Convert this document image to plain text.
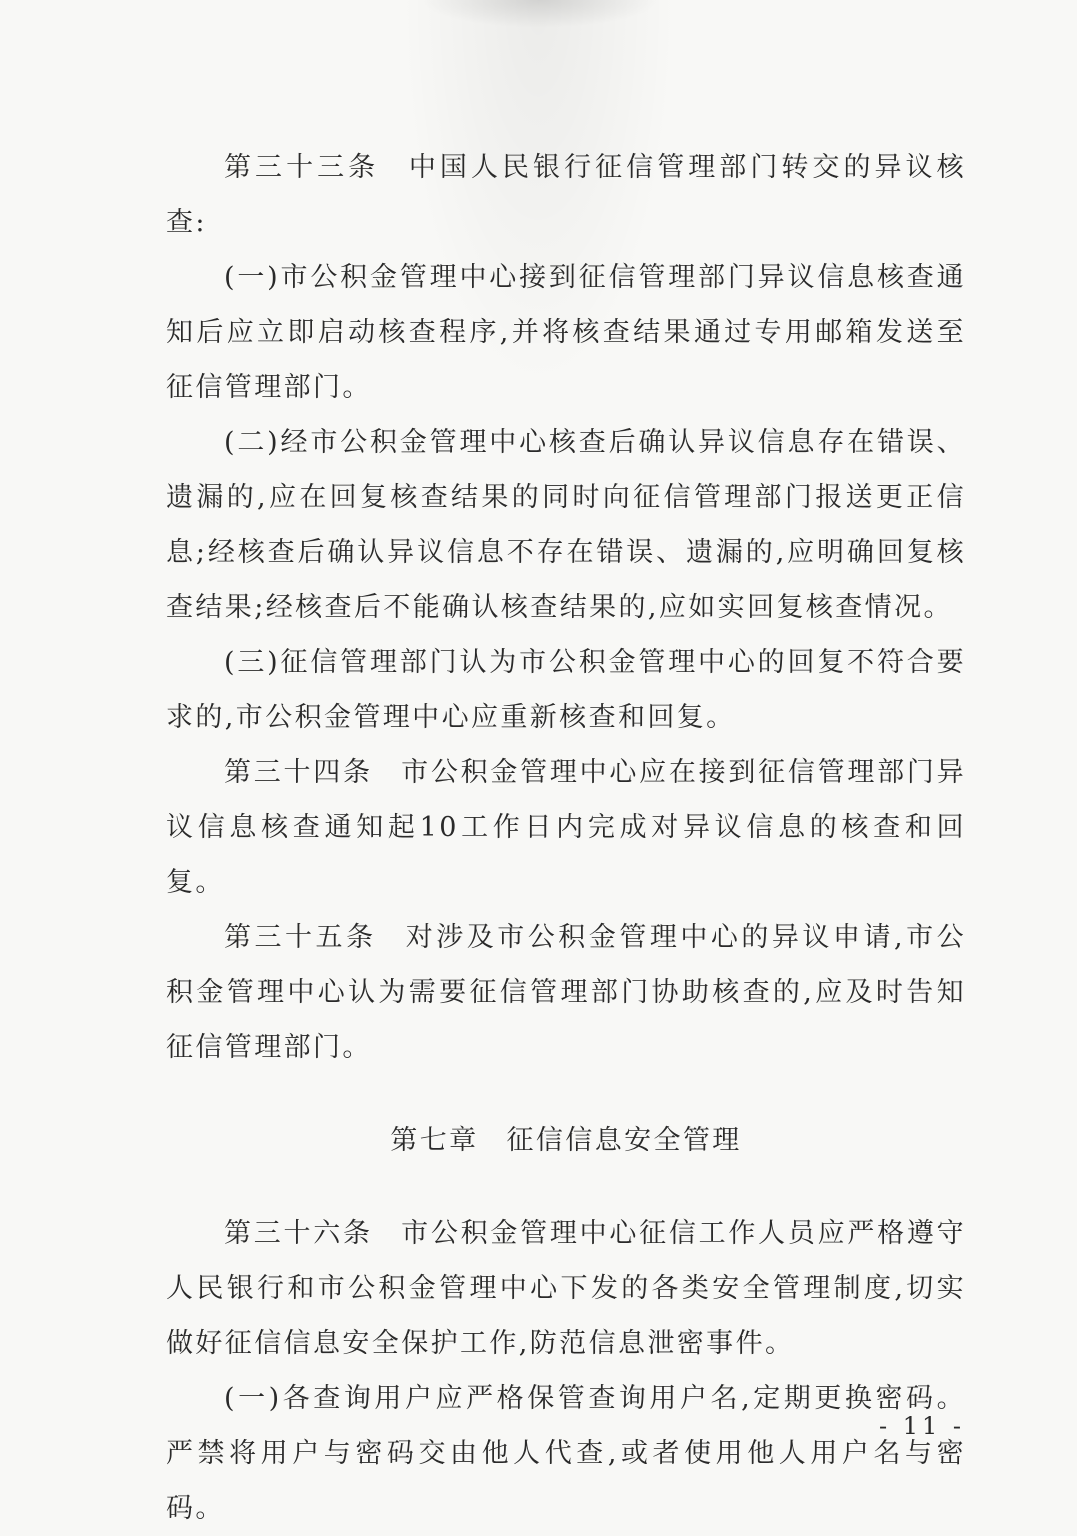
第三十三条 中国人民银行征信管理部门转交的异议核查:

(一)市公积金管理中心接到征信管理部门异议信息核查通知后应立即启动核查程序,并将核查结果通过专用邮箱发送至征信管理部门。

(二)经市公积金管理中心核查后确认异议信息存在错误、遗漏的,应在回复核查结果的同时向征信管理部门报送更正信息;经核查后确认异议信息不存在错误、遗漏的,应明确回复核查结果;经核查后不能确认核查结果的,应如实回复核查情况。

(三)征信管理部门认为市公积金管理中心的回复不符合要求的,市公积金管理中心应重新核查和回复。

第三十四条 市公积金管理中心应在接到征信管理部门异议信息核查通知起10工作日内完成对异议信息的核查和回复。

第三十五条 对涉及市公积金管理中心的异议申请,市公积金管理中心认为需要征信管理部门协助核查的,应及时告知征信管理部门。

第七章 征信信息安全管理

第三十六条 市公积金管理中心征信工作人员应严格遵守人民银行和市公积金管理中心下发的各类安全管理制度,切实做好征信信息安全保护工作,防范信息泄密事件。

(一)各查询用户应严格保管查询用户名,定期更换密码。严禁将用户与密码交由他人代查,或者使用他人用户名与密码。

- 11 -
